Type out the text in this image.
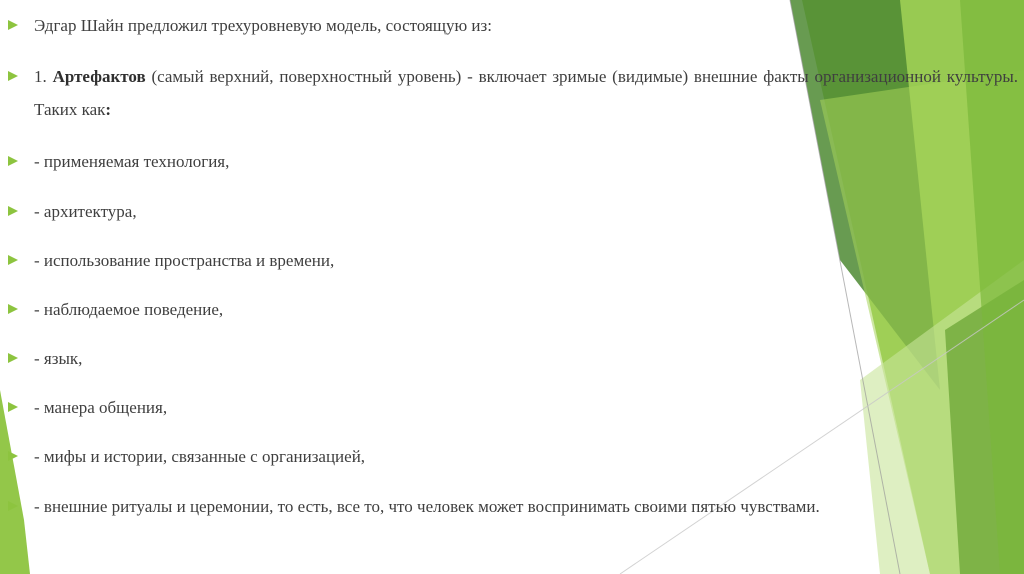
Эдгар Шайн предложил трехуровневую модель, состоящую из:
1. Артефактов (самый верхний, поверхностный уровень) - включает зримые (видимые) внешние факты организационной культуры. Таких как:
- применяемая технология,
- архитектура,
- использование пространства и времени,
- наблюдаемое поведение,
- язык,
- манера общения,
- мифы и истории, связанные с организацией,
- внешние ритуалы и церемонии, то есть, все то, что человек может воспринимать своими пятью чувствами.
